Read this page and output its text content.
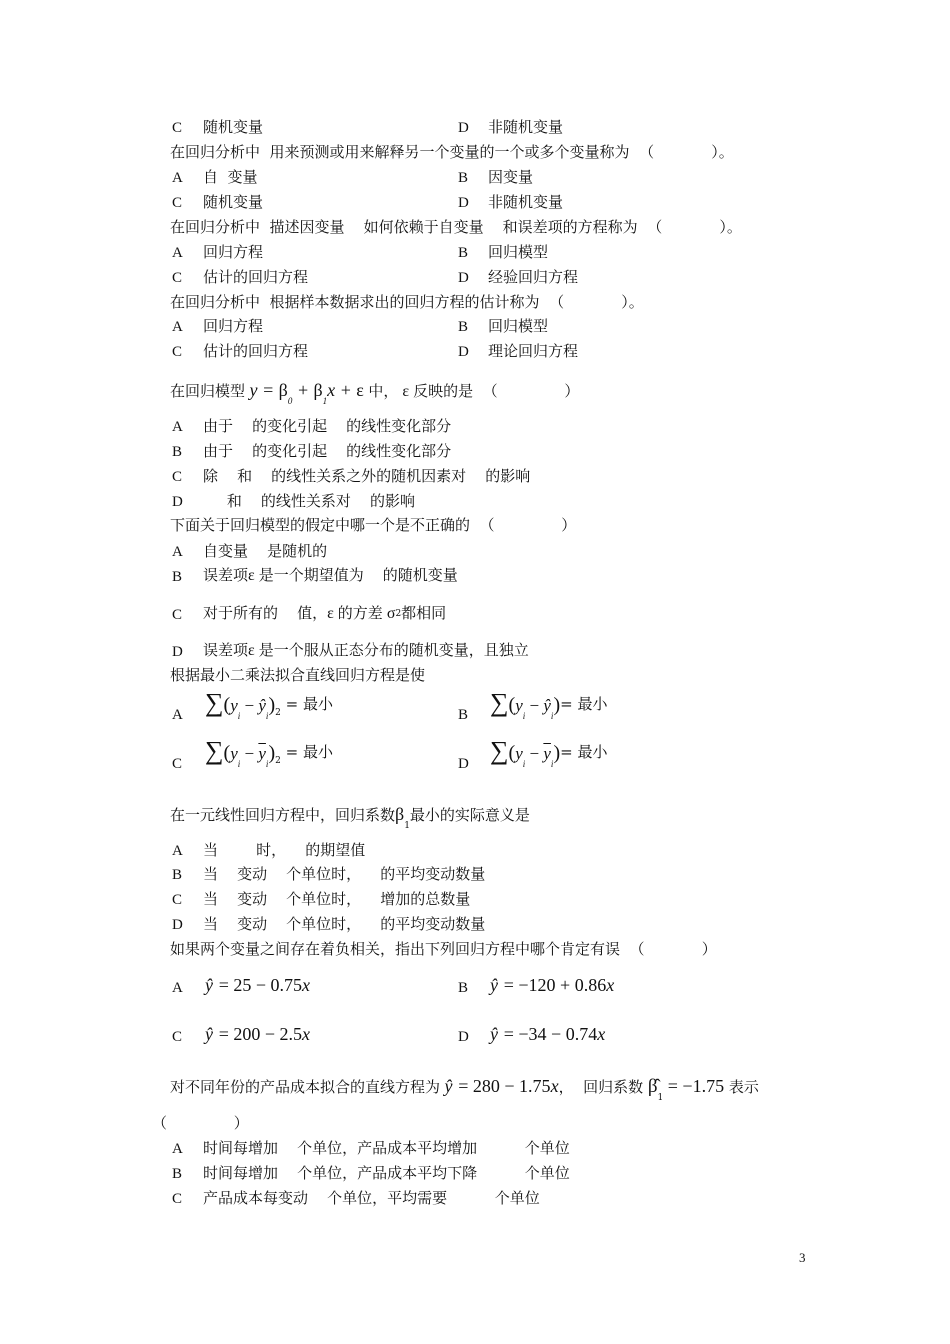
C 随机变量	D 非随机变量
在回归分析中  用来预测或用来解释另一个变量的一个或多个变量称为  （            ）。
A 自  变量	B 因变量
C 随机变量	D 非随机变量
在回归分析中  描述因变量    如何依赖于自变量    和误差项的方程称为  （            ）。
A 回归方程	B 回归模型
C 估计的回归方程	D 经验回归方程
在回归分析中  根据样本数据求出的回归方程的估计称为  （            ）。
A 回归方程	B 回归模型
C 估计的回归方程	D 理论回归方程
在回归模型 $y = \beta_0 + \beta_1x + \varepsilon$ 中， ε 反映的是  （              ）
A 由于    的变化引起    的线性变化部分
B 由于    的变化引起    的线性变化部分
C 除    和    的线性关系之外的随机因素对    的影响
D 和    的线性关系对    的影响
下面关于回归模型的假定中哪一个是不正确的  （              ）
A 自变量    是随机的
B 误差项ε 是一个期望值为    的随机变量
C 对于所有的    值，ε 的方差 σ2都相同
D 误差项ε 是一个服从正态分布的随机变量，且独立
根据最小二乘法拟合直线回归方程是使
A $\sum(y_i$ − $ŷ_i)_2$ = 最小
B $\sum(y_i$ − $ŷ_i)=$ 最小
C $\sum(y_i - \overline{y}_i)_2$ = 最小
D $\sum(y_i - \overline{y}_i)=$ 最小
在一元线性回归方程中，回归系数$\beta_1$最小的实际意义是
A 当        时，    的期望值
B 当    变动    个单位时，    的平均变动数量
C 当    变动    个单位时，    增加的总数量
D 当    变动    个单位时，    的平均变动数量
如果两个变量之间存在着负相关，指出下列回归方程中哪个肯定有误  （            ）
A ŷ = 25 − 0.75x	B ŷ = −120 + 0.86x
C ŷ = 200 − 2.5x	D ŷ = −34 − 0.74x
对不同年份的产品成本拟合的直线方程为 ŷ = 280 − 1.75x，  回归系数 $\betâ_1 = -1.75$ 表示
（              ）
A 时间每增加    个单位，产品成本平均增加          个单位
B 时间每增加    个单位，产品成本平均下降          个单位
C 产品成本每变动    个单位，平均需要          个单位
3
